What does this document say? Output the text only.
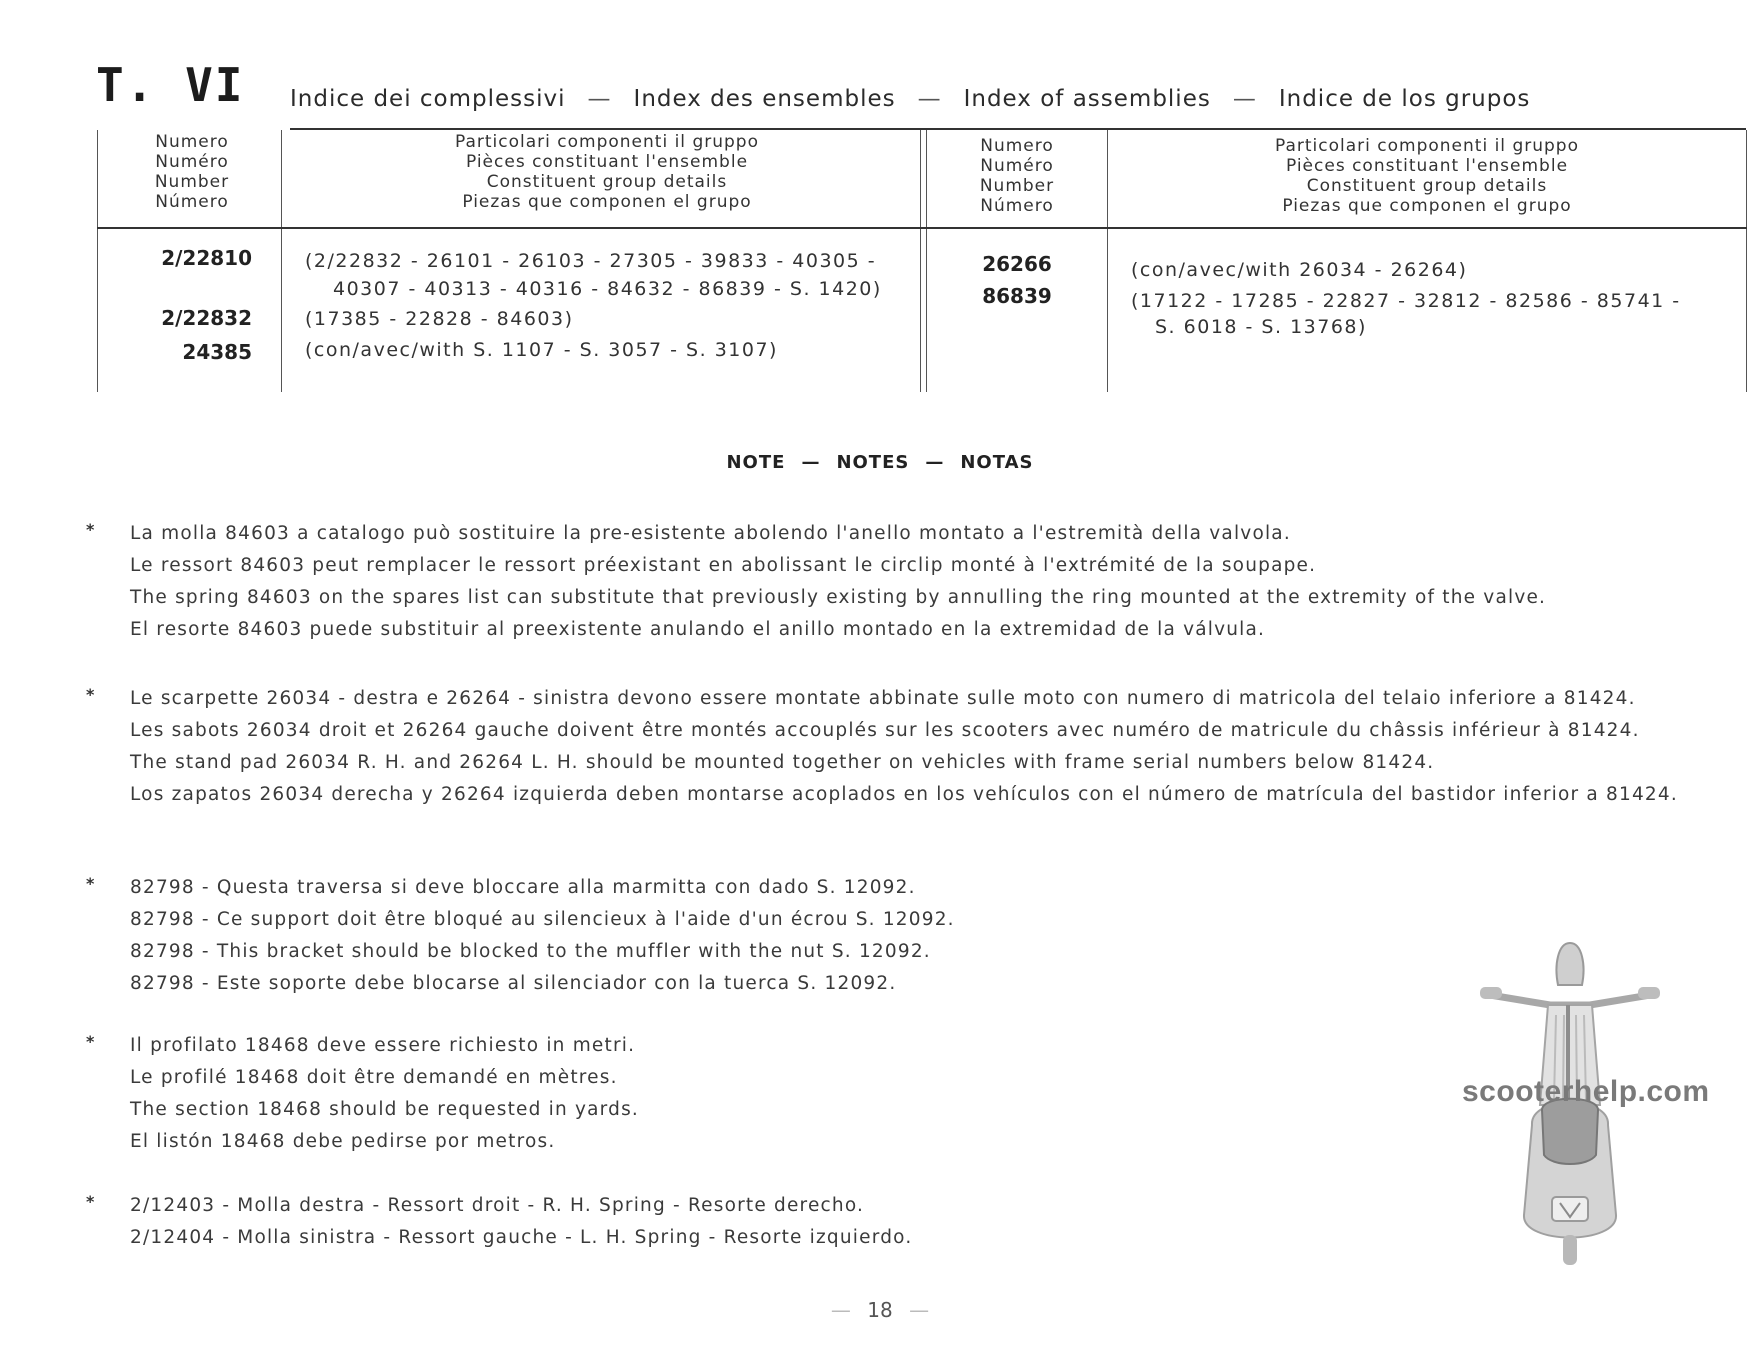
T. VI Indice dei complessivi — Index des ensembles — Index of assemblies — Indice de los grupos
Numero
Numéro
Number
Número
Particolari componenti il gruppo
Pièces constituant l'ensemble
Constituent group details
Piezas que componen el grupo
Numero
Numéro
Number
Número
Particolari componenti il gruppo
Pièces constituant l'ensemble
Constituent group details
Piezas que componen el grupo
2/22810
2/22832
24385
(2/22832 - 26101 - 26103 - 27305 - 39833 - 40305 -
40307 - 40313 - 40316 - 84632 - 86839 - S. 1420)
(17385 - 22828 - 84603)
(con/avec/with S. 1107 - S. 3057 - S. 3107)
26266
86839
(con/avec/with 26034 - 26264)
(17122 - 17285 - 22827 - 32812 - 82586 - 85741 -
S. 6018 - S. 13768)
NOTE — NOTES — NOTAS
* La molla 84603 a catalogo può sostituire la pre-esistente abolendo l'anello montato a l'estremità della valvola.
Le ressort 84603 peut remplacer le ressort préexistant en abolissant le circlip monté à l'extrémité de la soupape.
The spring 84603 on the spares list can substitute that previously existing by annulling the ring mounted at the extremity of the valve.
El resorte 84603 puede substituir al preexistente anulando el anillo montado en la extremidad de la válvula.
* Le scarpette 26034 - destra e 26264 - sinistra devono essere montate abbinate sulle moto con numero di matricola del telaio inferiore a 81424.
Les sabots 26034 droit et 26264 gauche doivent être montés accouplés sur les scooters avec numéro de matricule du châssis inférieur à 81424.
The stand pad 26034 R. H. and 26264 L. H. should be mounted together on vehicles with frame serial numbers below 81424.
Los zapatos 26034 derecha y 26264 izquierda deben montarse acoplados en los vehículos con el número de matrícula del bastidor inferior a 81424.
* 82798 - Questa traversa si deve bloccare alla marmitta con dado S. 12092.
82798 - Ce support doit être bloqué au silencieux à l'aide d'un écrou S. 12092.
82798 - This bracket should be blocked to the muffler with the nut S. 12092.
82798 - Este soporte debe blocarse al silenciador con la tuerca S. 12092.
* Il profilato 18468 deve essere richiesto in metri.
Le profilé 18468 doit être demandé en mètres.
The section 18468 should be requested in yards.
El listón 18468 debe pedirse por metros.
* 2/12403 - Molla destra - Ressort droit - R. H. Spring - Resorte derecho.
2/12404 - Molla sinistra - Ressort gauche - L. H. Spring - Resorte izquierdo.
scooterhelp.com
— 18 —
